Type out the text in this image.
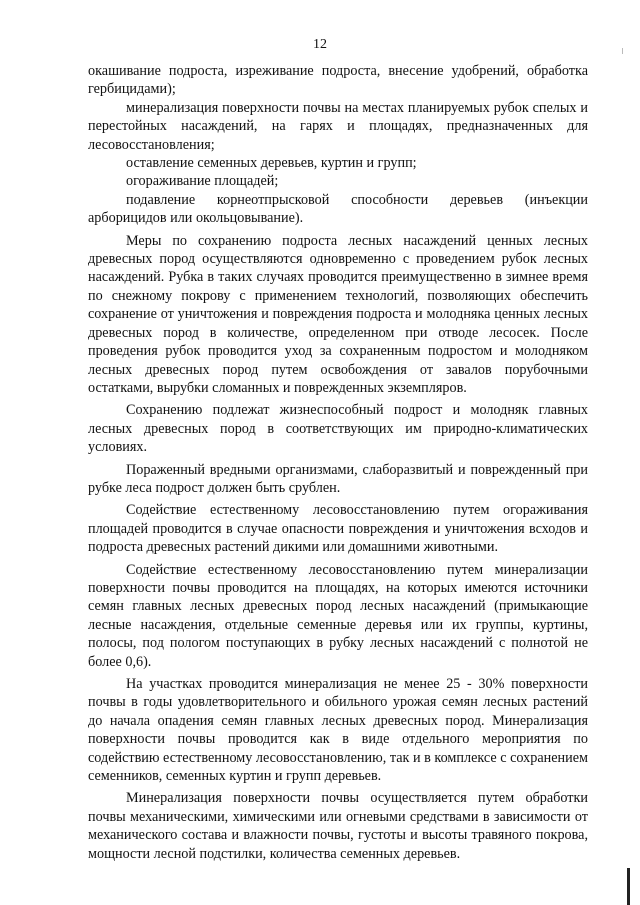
12

окашивание подроста, изреживание подроста, внесение удобрений, обработка гербицидами);

минерализация поверхности почвы на местах планируемых рубок спелых и перестойных насаждений, на гарях и площадях, предназначенных для лесовосстановления;

оставление семенных деревьев, куртин и групп;

огораживание площадей;

подавление корнеотпрысковой способности деревьев (инъекции арборицидов или окольцовывание).

Меры по сохранению подроста лесных насаждений ценных лесных древесных пород осуществляются одновременно с проведением рубок лесных насаждений. Рубка в таких случаях проводится преимущественно в зимнее время по снежному покрову с применением технологий, позволяющих обеспечить сохранение от уничтожения и повреждения подроста и молодняка ценных лесных древесных пород в количестве, определенном при отводе лесосек. После проведения рубок проводится уход за сохраненным подростом и молодняком лесных древесных пород путем освобождения от завалов порубочными остатками, вырубки сломанных и поврежденных экземпляров.

Сохранению подлежат жизнеспособный подрост и молодняк главных лесных древесных пород в соответствующих им природно-климатических условиях.

Пораженный вредными организмами, слаборазвитый и поврежденный при рубке леса подрост должен быть срублен.

Содействие естественному лесовосстановлению путем огораживания площадей проводится в случае опасности повреждения и уничтожения всходов и подроста древесных растений дикими или домашними животными.

Содействие естественному лесовосстановлению путем минерализации поверхности почвы проводится на площадях, на которых имеются источники семян главных лесных древесных пород лесных насаждений (примыкающие лесные насаждения, отдельные семенные деревья или их группы, куртины, полосы, под пологом поступающих в рубку лесных насаждений с полнотой не более 0,6).

На участках проводится минерализация не менее 25 - 30% поверхности почвы в годы удовлетворительного и обильного урожая семян лесных растений до начала опадения семян главных лесных древесных пород. Минерализация поверхности почвы проводится как в виде отдельного мероприятия по содействию естественному лесовосстановлению, так и в комплексе с сохранением семенников, семенных куртин и групп деревьев.

Минерализация поверхности почвы осуществляется путем обработки почвы механическими, химическими или огневыми средствами в зависимости от механического состава и влажности почвы, густоты и высоты травяного покрова, мощности лесной подстилки, количества семенных деревьев.
